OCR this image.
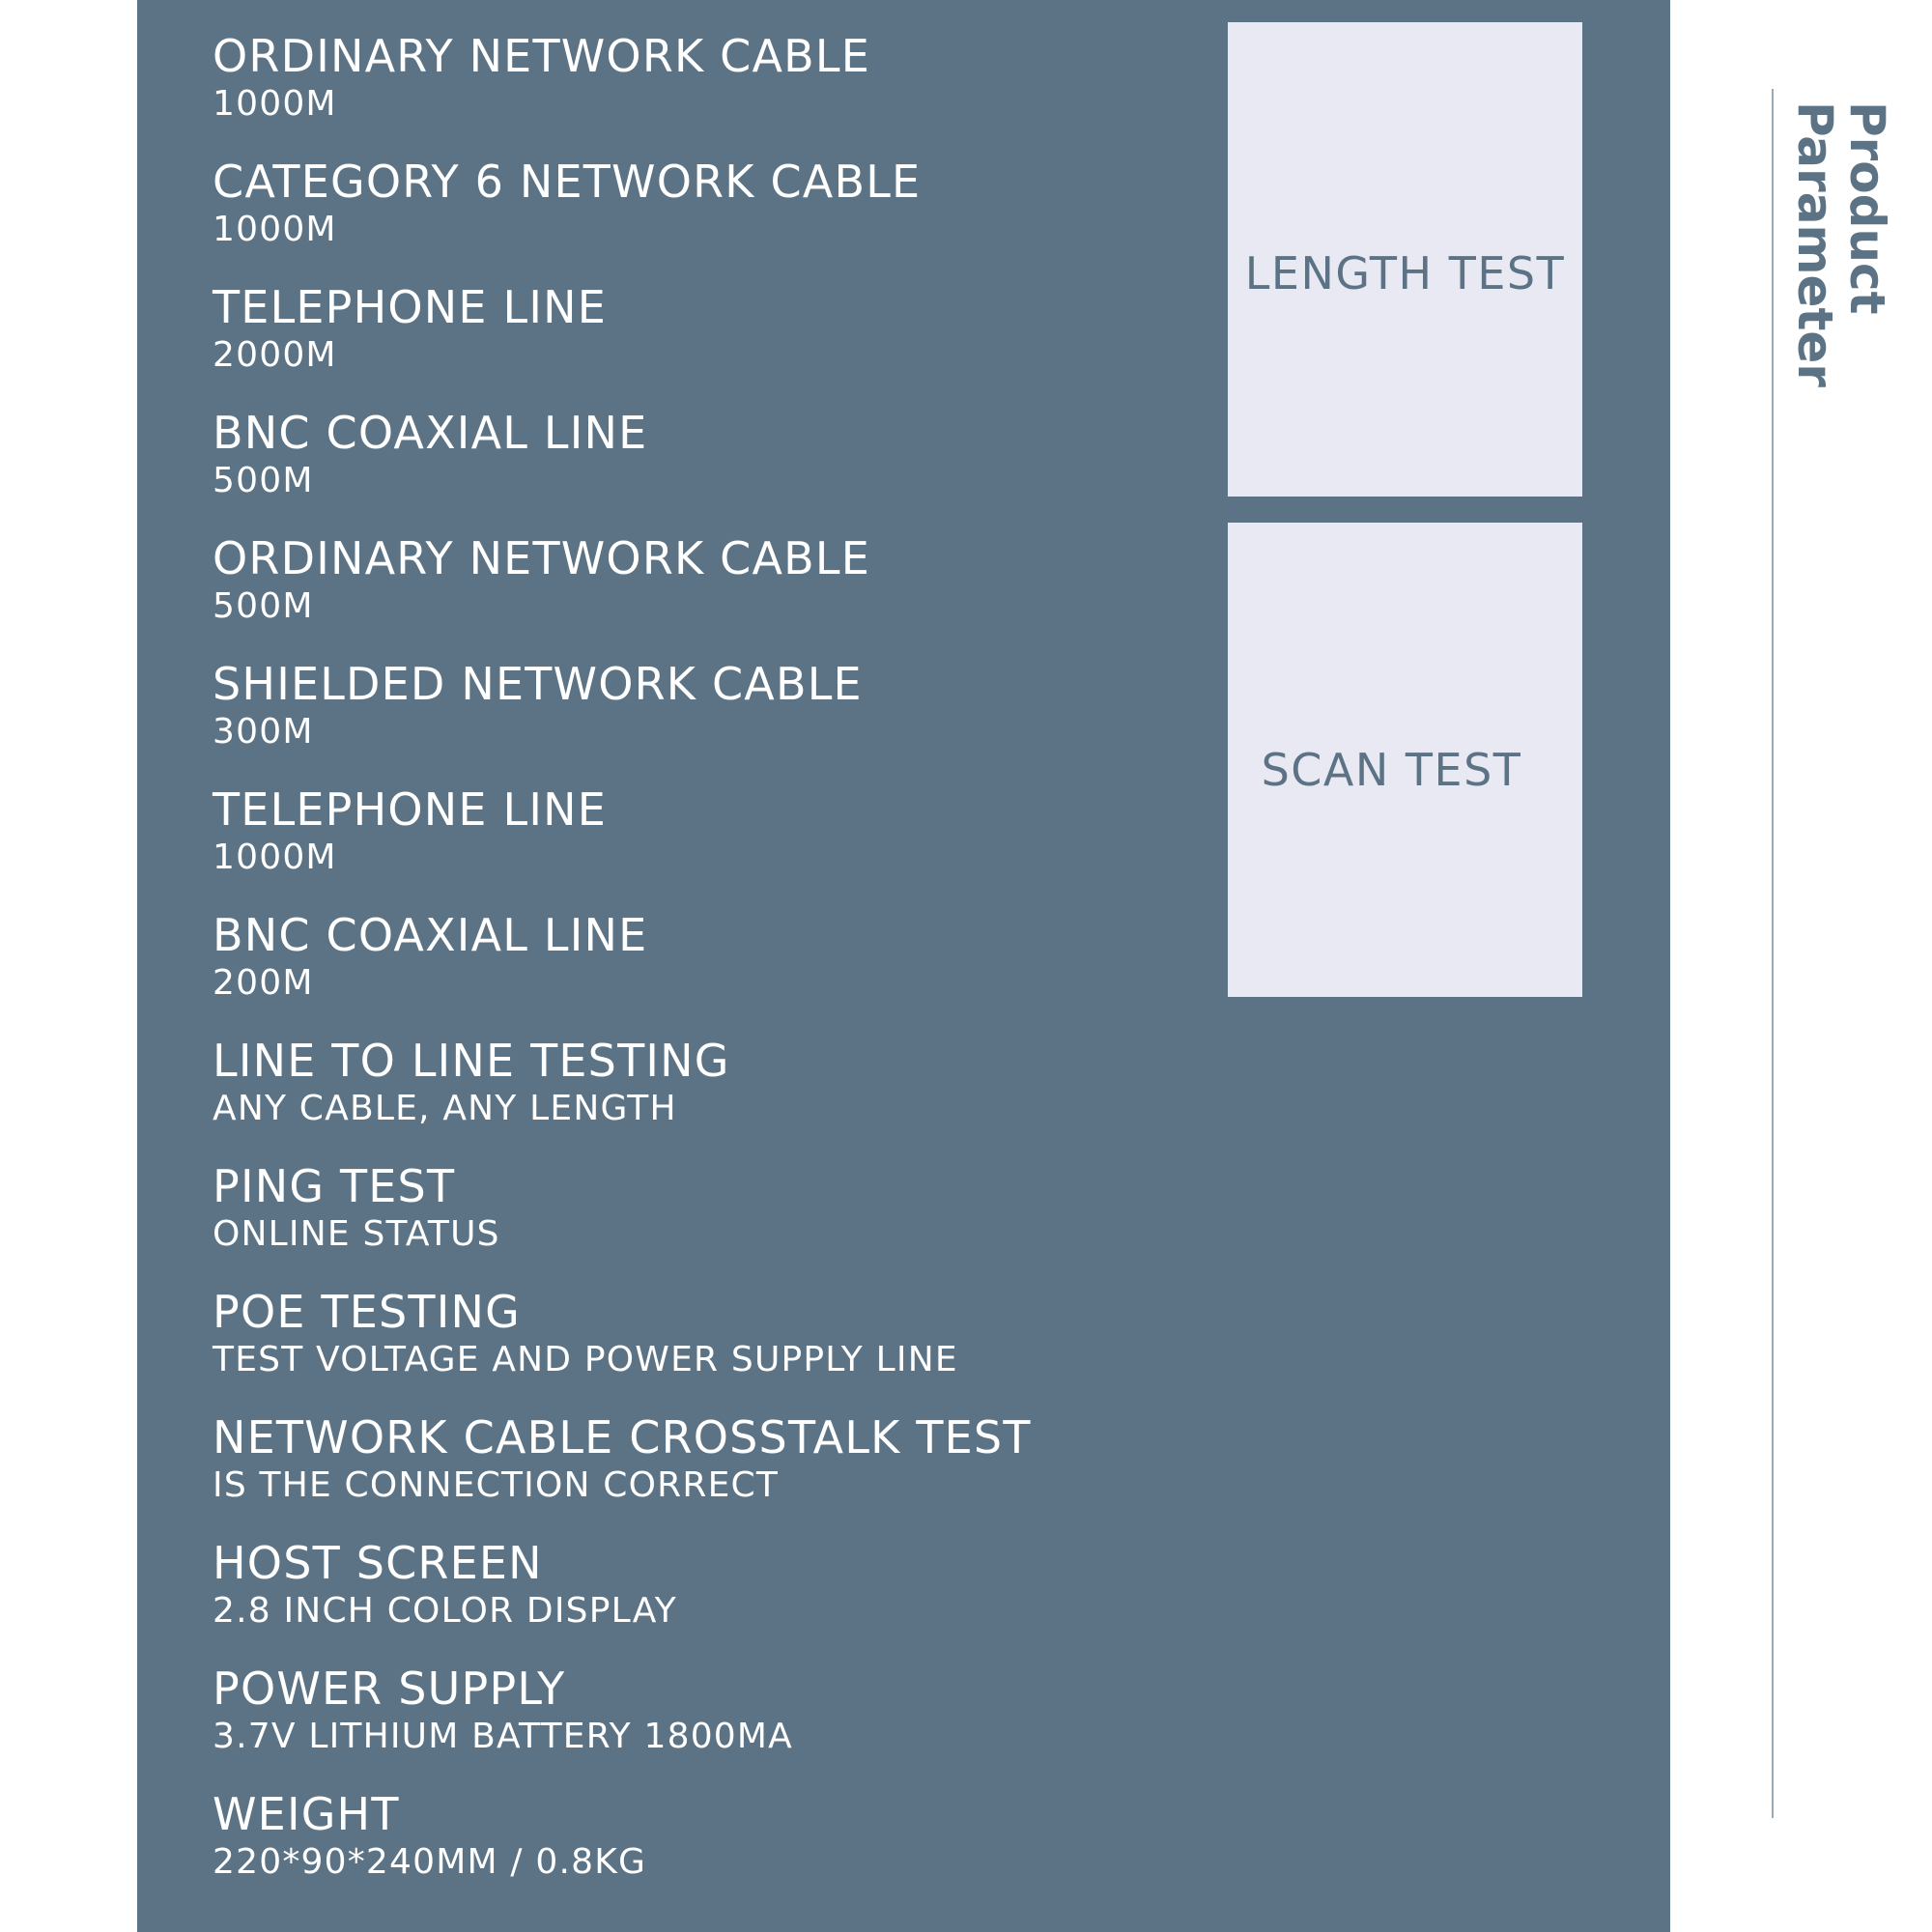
ORDINARY NETWORK CABLE
1000M
CATEGORY 6 NETWORK CABLE
1000M
TELEPHONE LINE
2000M
BNC COAXIAL LINE
500M
ORDINARY NETWORK CABLE
500M
SHIELDED NETWORK CABLE
300M
TELEPHONE LINE
1000M
BNC COAXIAL LINE
200M
LINE TO LINE TESTING
ANY CABLE, ANY LENGTH
PING TEST
ONLINE STATUS
POE TESTING
TEST VOLTAGE AND POWER SUPPLY LINE
NETWORK CABLE CROSSTALK TEST
IS THE CONNECTION CORRECT
HOST SCREEN
2.8 INCH COLOR DISPLAY
POWER SUPPLY
3.7V LITHIUM BATTERY 1800MA
WEIGHT
220*90*240MM / 0.8KG
LENGTH TEST
SCAN TEST
Product
Parameter
